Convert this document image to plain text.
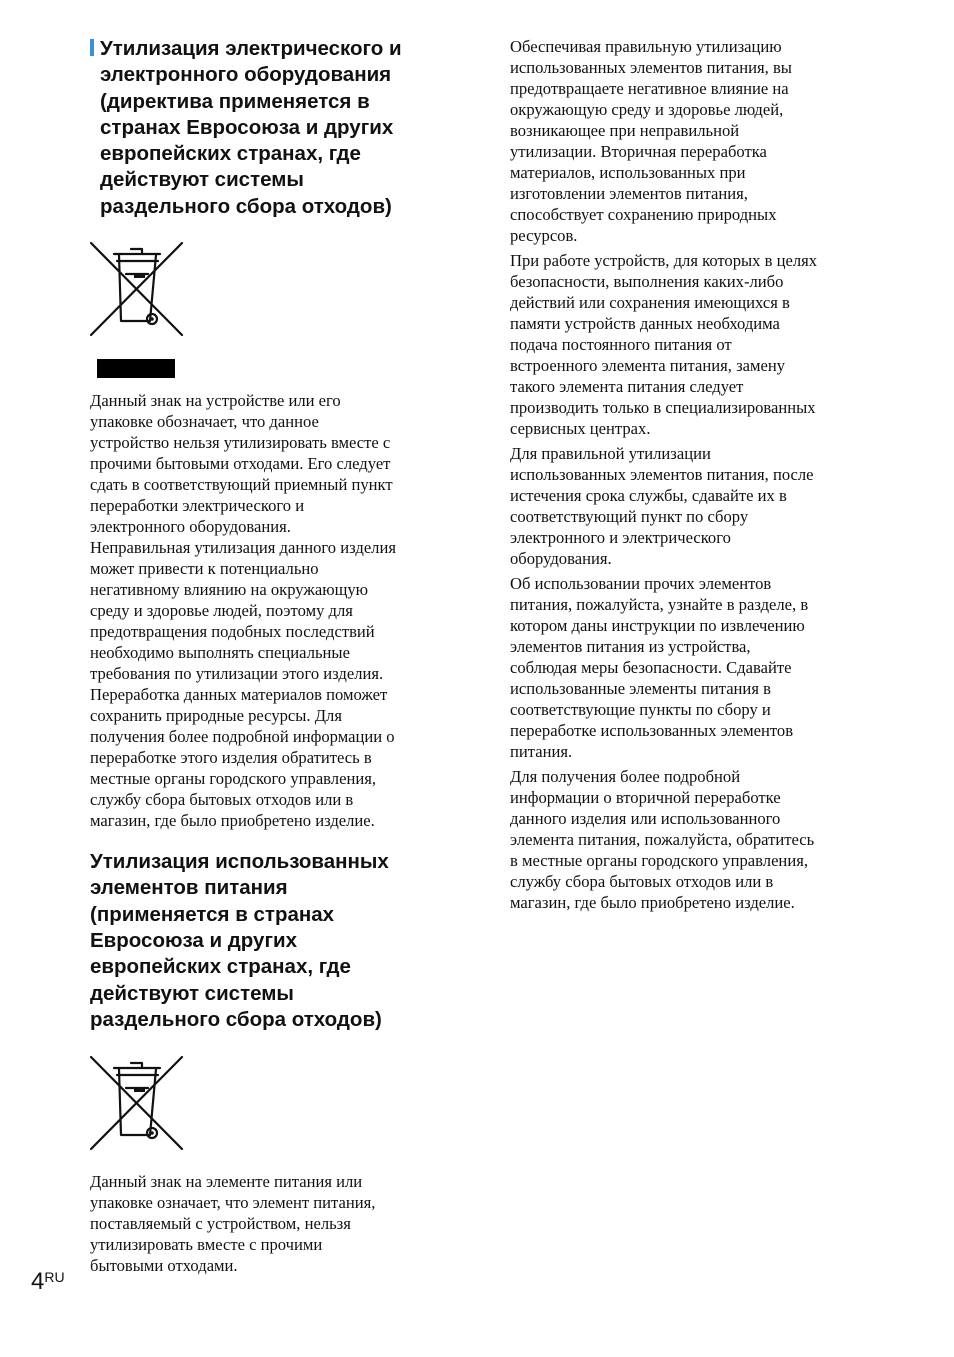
Утилизация электрического и
электронного оборудования
(директива применяется в
странах Евросоюза и других
европейских странах, где
действуют системы
раздельного сбора отходов)

Данный знак на устройстве или его
упаковке обозначает, что данное
устройство нельзя утилизировать вместе с
прочими бытовыми отходами. Его следует
сдать в соответствующий приемный пункт
переработки электрического и
электронного оборудования.
Неправильная утилизация данного изделия
может привести к потенциально
негативному влиянию на окружающую
среду и здоровье людей, поэтому для
предотвращения подобных последствий
необходимо выполнять специальные
требования по утилизации этого изделия.
Переработка данных материалов поможет
сохранить природные ресурсы. Для
получения более подробной информации о
переработке этого изделия обратитесь в
местные органы городского управления,
службу сбора бытовых отходов или в
магазин, где было приобретено изделие.

Утилизация использованных
элементов питания
(применяется в странах
Евросоюза и других
европейских странах, где
действуют системы
раздельного сбора отходов)

Данный знак на элементе питания или
упаковке означает, что элемент питания,
поставляемый с устройством, нельзя
утилизировать вместе с прочими
бытовыми отходами.

Обеспечивая правильную утилизацию
использованных элементов питания, вы
предотвращаете негативное влияние на
окружающую среду и здоровье людей,
возникающее при неправильной
утилизации. Вторичная переработка
материалов, использованных при
изготовлении элементов питания,
способствует сохранению природных
ресурсов.

При работе устройств, для которых в целях
безопасности, выполнения каких-либо
действий или сохранения имеющихся в
памяти устройств данных необходима
подача постоянного питания от
встроенного элемента питания, замену
такого элемента питания следует
производить только в специализированных
сервисных центрах.

Для правильной утилизации
использованных элементов питания, после
истечения срока службы, сдавайте их в
соответствующий пункт по сбору
электронного и электрического
оборудования.

Об использовании прочих элементов
питания, пожалуйста, узнайте в разделе, в
котором даны инструкции по извлечению
элементов питания из устройства,
соблюдая меры безопасности. Сдавайте
использованные элементы питания в
соответствующие пункты по сбору и
переработке использованных элементов
питания.

Для получения более подробной
информации о вторичной переработке
данного изделия или использованного
элемента питания, пожалуйста, обратитесь
в местные органы городского управления,
службу сбора бытовых отходов или в
магазин, где было приобретено изделие.

4RU
